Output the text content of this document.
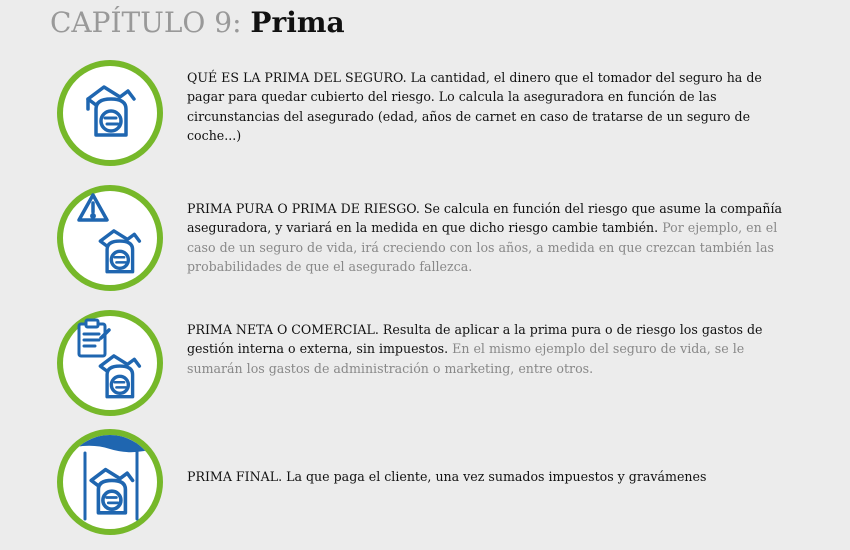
CAPÍTULO 9: Prima
QUÉ ES LA PRIMA DEL SEGURO. La cantidad, el dinero que el tomador del seguro ha de pagar para quedar cubierto del riesgo. Lo calcula la aseguradora en función de las circunstancias del asegurado (edad, años de carnet en caso de tratarse de un seguro de coche...)
PRIMA PURA O PRIMA DE RIESGO. Se calcula en función del riesgo que asume la compañía aseguradora, y variará en la medida en que dicho riesgo cambie también. Por ejemplo, en el caso de un seguro de vida, irá creciendo con los años, a medida en que crezcan también las probabilidades de que el asegurado fallezca.
PRIMA NETA O COMERCIAL. Resulta de aplicar a la prima pura o de riesgo los gastos de gestión interna o externa, sin impuestos. En el mismo ejemplo del seguro de vida, se le sumarán los gastos de administración o marketing, entre otros.
PRIMA FINAL. La que paga el cliente, una vez sumados impuestos y gravámenes
